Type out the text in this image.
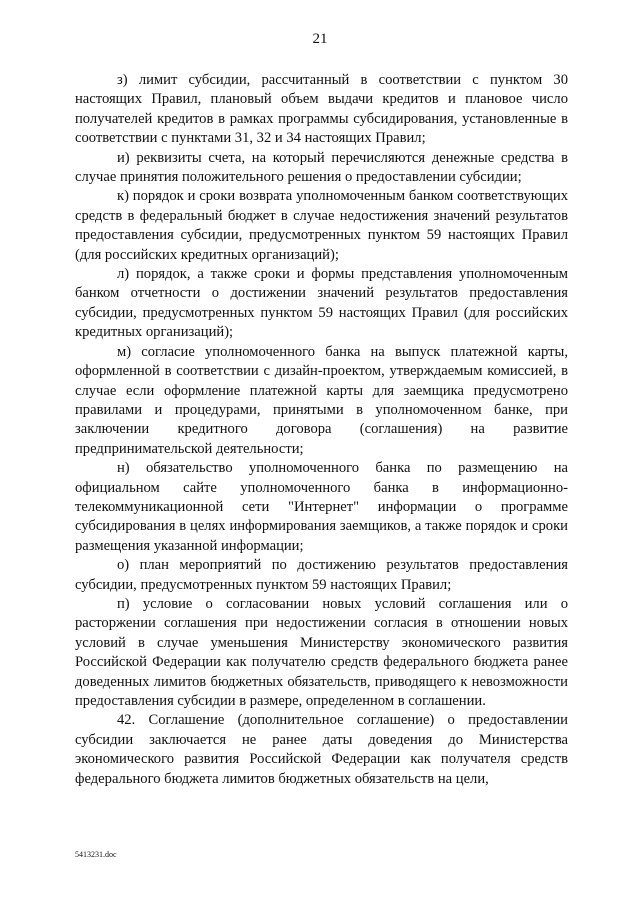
21

з) лимит субсидии, рассчитанный в соответствии с пунктом 30 настоящих Правил, плановый объем выдачи кредитов и плановое число получателей кредитов в рамках программы субсидирования, установленные в соответствии с пунктами 31, 32 и 34 настоящих Правил;

и) реквизиты счета, на который перечисляются денежные средства в случае принятия положительного решения о предоставлении субсидии;

к) порядок и сроки возврата уполномоченным банком соответствующих средств в федеральный бюджет в случае недостижения значений результатов предоставления субсидии, предусмотренных пунктом 59 настоящих Правил (для российских кредитных организаций);

л) порядок, а также сроки и формы представления уполномоченным банком отчетности о достижении значений результатов предоставления субсидии, предусмотренных пунктом 59 настоящих Правил (для российских кредитных организаций);

м) согласие уполномоченного банка на выпуск платежной карты, оформленной в соответствии с дизайн-проектом, утверждаемым комиссией, в случае если оформление платежной карты для заемщика предусмотрено правилами и процедурами, принятыми в уполномоченном банке, при заключении кредитного договора (соглашения) на развитие предпринимательской деятельности;

н) обязательство уполномоченного банка по размещению на официальном сайте уполномоченного банка в информационно-телекоммуникационной сети "Интернет" информации о программе субсидирования в целях информирования заемщиков, а также порядок и сроки размещения указанной информации;

о) план мероприятий по достижению результатов предоставления субсидии, предусмотренных пунктом 59 настоящих Правил;

п) условие о согласовании новых условий соглашения или о расторжении соглашения при недостижении согласия в отношении новых условий в случае уменьшения Министерству экономического развития Российской Федерации как получателю средств федерального бюджета ранее доведенных лимитов бюджетных обязательств, приводящего к невозможности предоставления субсидии в размере, определенном в соглашении.

42. Соглашение (дополнительное соглашение) о предоставлении субсидии заключается не ранее даты доведения до Министерства экономического развития Российской Федерации как получателя средств федерального бюджета лимитов бюджетных обязательств на цели,

5413231.doc
